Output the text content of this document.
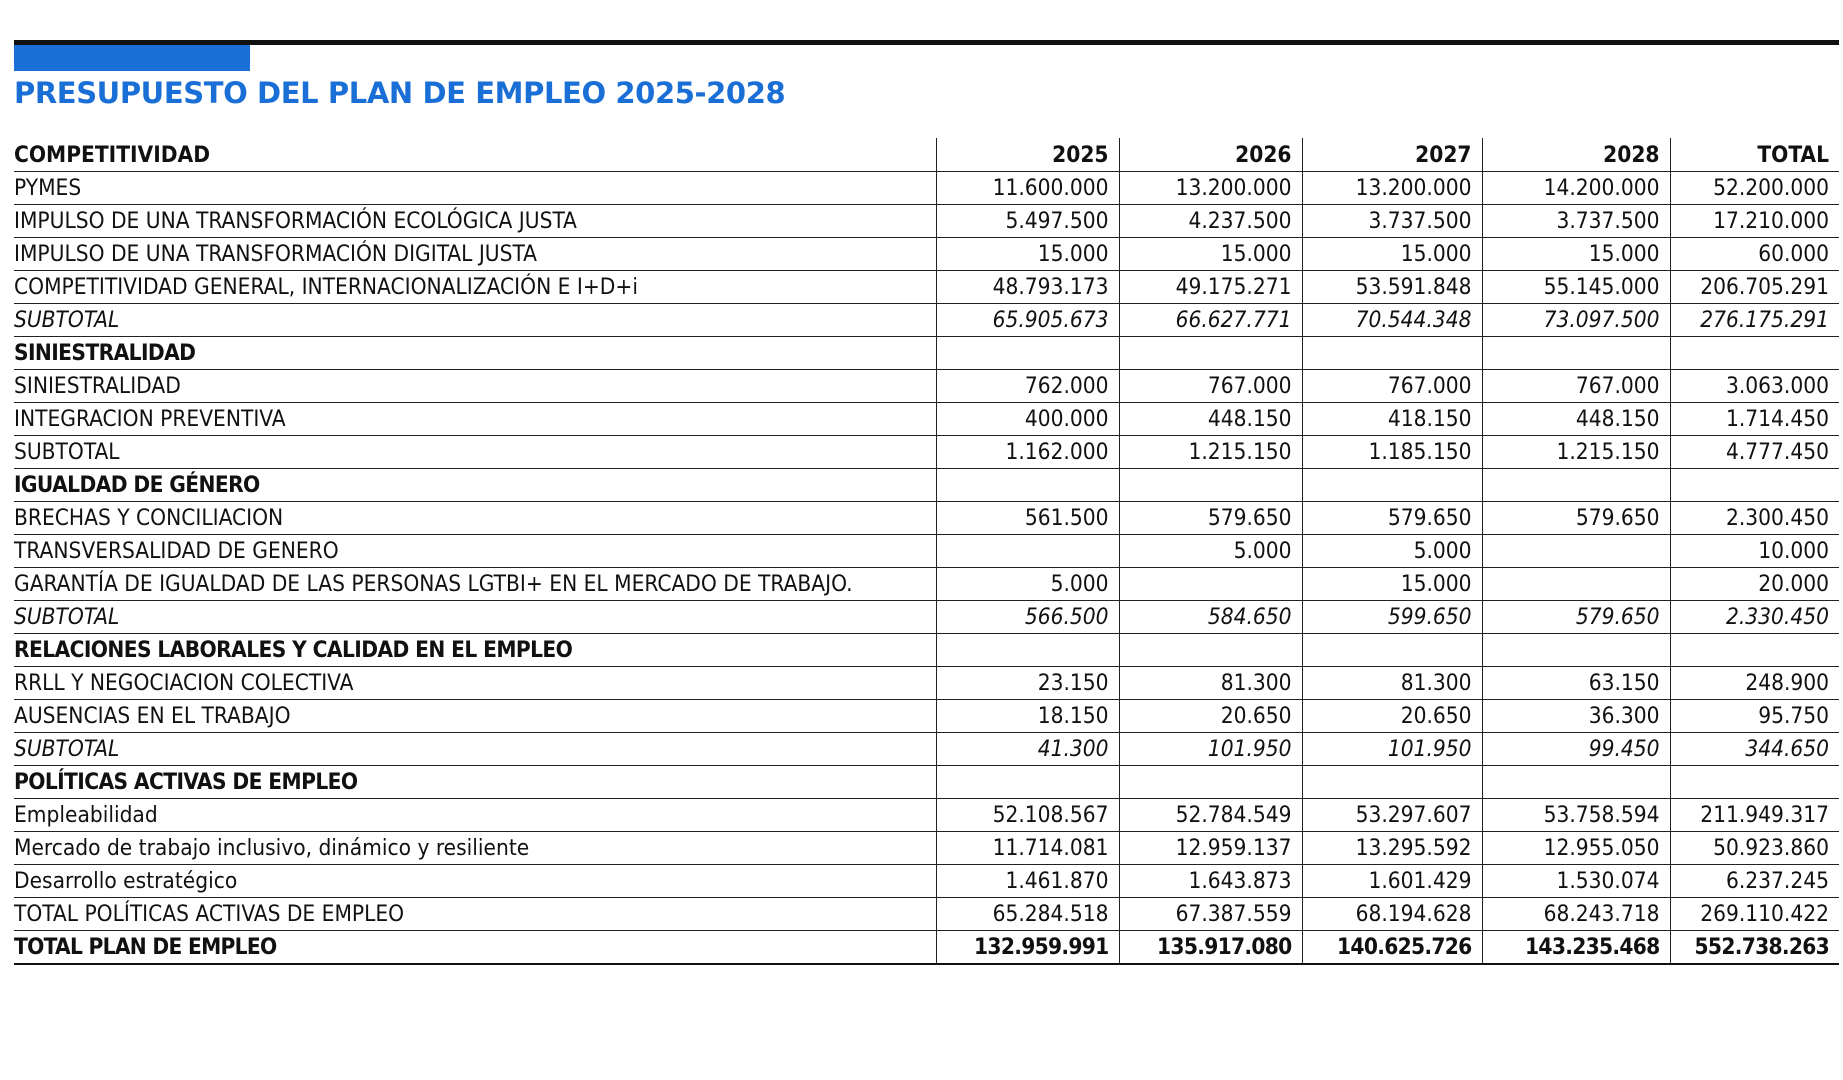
PRESUPUESTO DEL PLAN DE EMPLEO 2025-2028
COMPETITIVIDAD	2025	2026	2027	2028	TOTAL
PYMES	11.600.000	13.200.000	13.200.000	14.200.000	52.200.000
IMPULSO DE UNA TRANSFORMACIÓN ECOLÓGICA JUSTA	5.497.500	4.237.500	3.737.500	3.737.500	17.210.000
IMPULSO DE UNA TRANSFORMACIÓN DIGITAL JUSTA	15.000	15.000	15.000	15.000	60.000
COMPETITIVIDAD GENERAL, INTERNACIONALIZACIÓN E I+D+i	48.793.173	49.175.271	53.591.848	55.145.000	206.705.291
SUBTOTAL	65.905.673	66.627.771	70.544.348	73.097.500	276.175.291
SINIESTRALIDAD					
SINIESTRALIDAD	762.000	767.000	767.000	767.000	3.063.000
INTEGRACION PREVENTIVA	400.000	448.150	418.150	448.150	1.714.450
SUBTOTAL	1.162.000	1.215.150	1.185.150	1.215.150	4.777.450
IGUALDAD DE GÉNERO					
BRECHAS Y CONCILIACION	561.500	579.650	579.650	579.650	2.300.450
TRANSVERSALIDAD DE GENERO		5.000	5.000		10.000
GARANTÍA DE IGUALDAD DE LAS PERSONAS LGTBI+ EN EL MERCADO DE TRABAJO.	5.000		15.000		20.000
SUBTOTAL	566.500	584.650	599.650	579.650	2.330.450
RELACIONES LABORALES Y CALIDAD EN EL EMPLEO					
RRLL Y NEGOCIACION COLECTIVA	23.150	81.300	81.300	63.150	248.900
AUSENCIAS EN EL TRABAJO	18.150	20.650	20.650	36.300	95.750
SUBTOTAL	41.300	101.950	101.950	99.450	344.650
POLÍTICAS ACTIVAS DE EMPLEO					
Empleabilidad	52.108.567	52.784.549	53.297.607	53.758.594	211.949.317
Mercado de trabajo inclusivo, dinámico y resiliente	11.714.081	12.959.137	13.295.592	12.955.050	50.923.860
Desarrollo estratégico	1.461.870	1.643.873	1.601.429	1.530.074	6.237.245
TOTAL POLÍTICAS ACTIVAS DE EMPLEO	65.284.518	67.387.559	68.194.628	68.243.718	269.110.422
TOTAL PLAN DE EMPLEO	132.959.991	135.917.080	140.625.726	143.235.468	552.738.263
